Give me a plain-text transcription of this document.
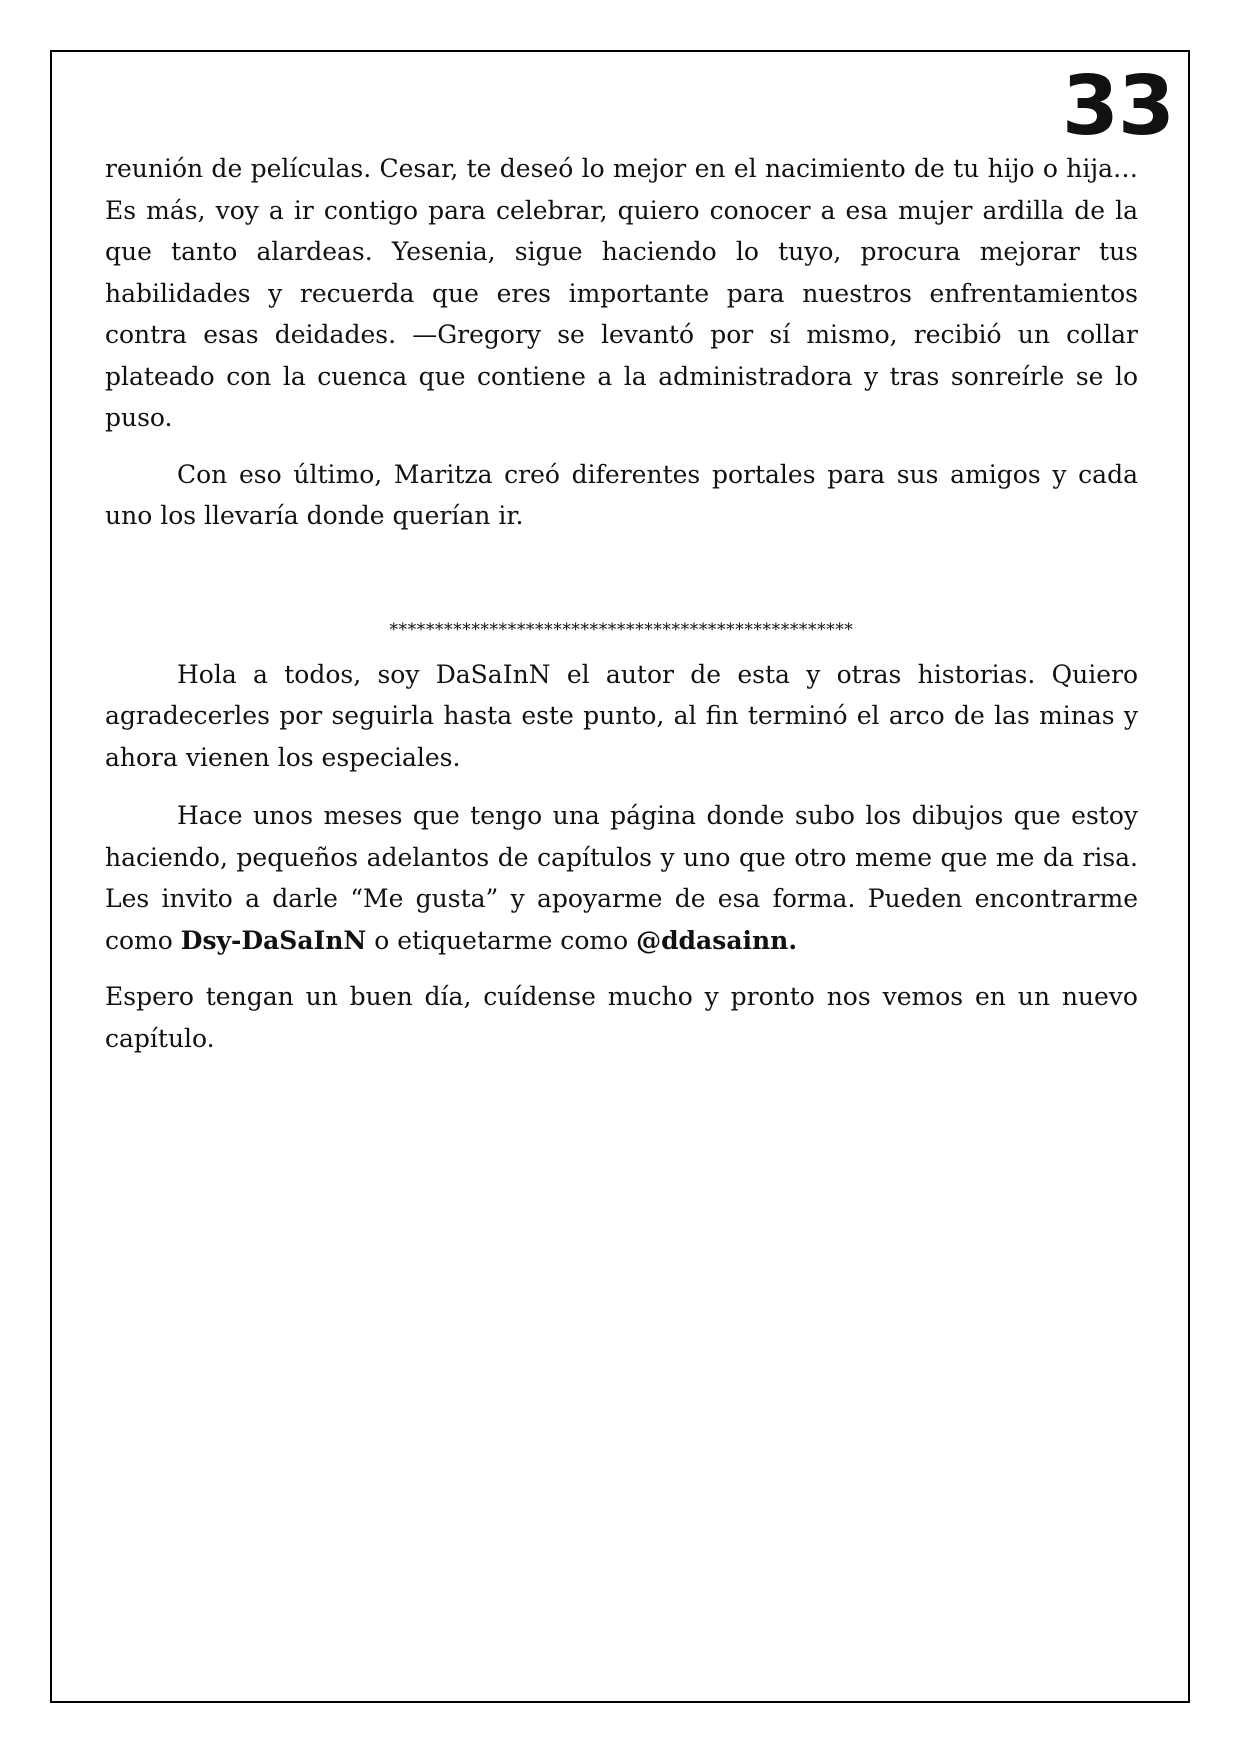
33

reunión de películas. Cesar, te deseó lo mejor en el nacimiento de tu hijo o hija… Es más, voy a ir contigo para celebrar, quiero conocer a esa mujer ardilla de la que tanto alardeas. Yesenia, sigue haciendo lo tuyo, procura mejorar tus habilidades y recuerda que eres importante para nuestros enfrentamientos contra esas deidades. —Gregory se levantó por sí mismo, recibió un collar plateado con la cuenca que contiene a la administradora y tras sonreírle se lo puso.

Con eso último, Maritza creó diferentes portales para sus amigos y cada uno los llevaría donde querían ir.

***************************************************

Hola a todos, soy DaSaInN el autor de esta y otras historias. Quiero agradecerles por seguirla hasta este punto, al fin terminó el arco de las minas y ahora vienen los especiales.

Hace unos meses que tengo una página donde subo los dibujos que estoy haciendo, pequeños adelantos de capítulos y uno que otro meme que me da risa. Les invito a darle “Me gusta” y apoyarme de esa forma. Pueden encontrarme como Dsy-DaSaInN o etiquetarme como @ddasainn.

Espero tengan un buen día, cuídense mucho y pronto nos vemos en un nuevo capítulo.
